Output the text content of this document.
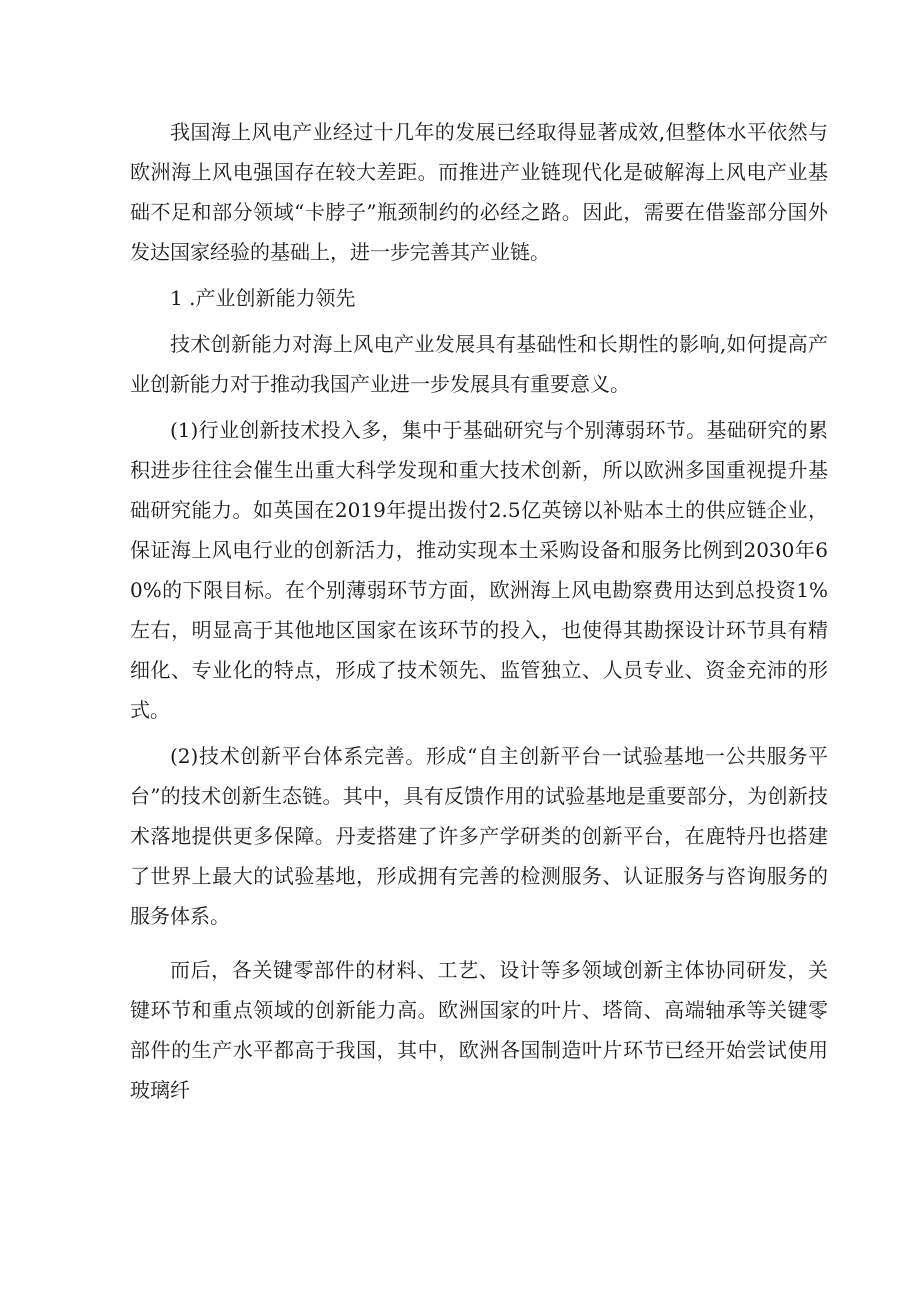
我国海上风电产业经过十几年的发展已经取得显著成效,但整体水平依然与欧洲海上风电强国存在较大差距。而推进产业链现代化是破解海上风电产业基础不足和部分领域“卡脖子”瓶颈制约的必经之路。因此，需要在借鉴部分国外发达国家经验的基础上，进一步完善其产业链。

1 .产业创新能力领先

技术创新能力对海上风电产业发展具有基础性和长期性的影响,如何提高产业创新能力对于推动我国产业进一步发展具有重要意义。

(1)行业创新技术投入多，集中于基础研究与个别薄弱环节。基础研究的累积进步往往会催生出重大科学发现和重大技术创新，所以欧洲多国重视提升基础研究能力。如英国在2019年提出拨付2.5亿英镑以补贴本土的供应链企业，保证海上风电行业的创新活力，推动实现本土采购设备和服务比例到2030年60%的下限目标。在个别薄弱环节方面，欧洲海上风电勘察费用达到总投资1%左右，明显高于其他地区国家在该环节的投入，也使得其勘探设计环节具有精细化、专业化的特点，形成了技术领先、监管独立、人员专业、资金充沛的形式。

(2)技术创新平台体系完善。形成“自主创新平台一试验基地一公共服务平台”的技术创新生态链。其中，具有反馈作用的试验基地是重要部分，为创新技术落地提供更多保障。丹麦搭建了许多产学研类的创新平台，在鹿特丹也搭建了世界上最大的试验基地，形成拥有完善的检测服务、认证服务与咨询服务的服务体系。

而后，各关键零部件的材料、工艺、设计等多领域创新主体协同研发，关键环节和重点领域的创新能力高。欧洲国家的叶片、塔筒、高端轴承等关键零部件的生产水平都高于我国，其中，欧洲各国制造叶片环节已经开始尝试使用玻璃纤
